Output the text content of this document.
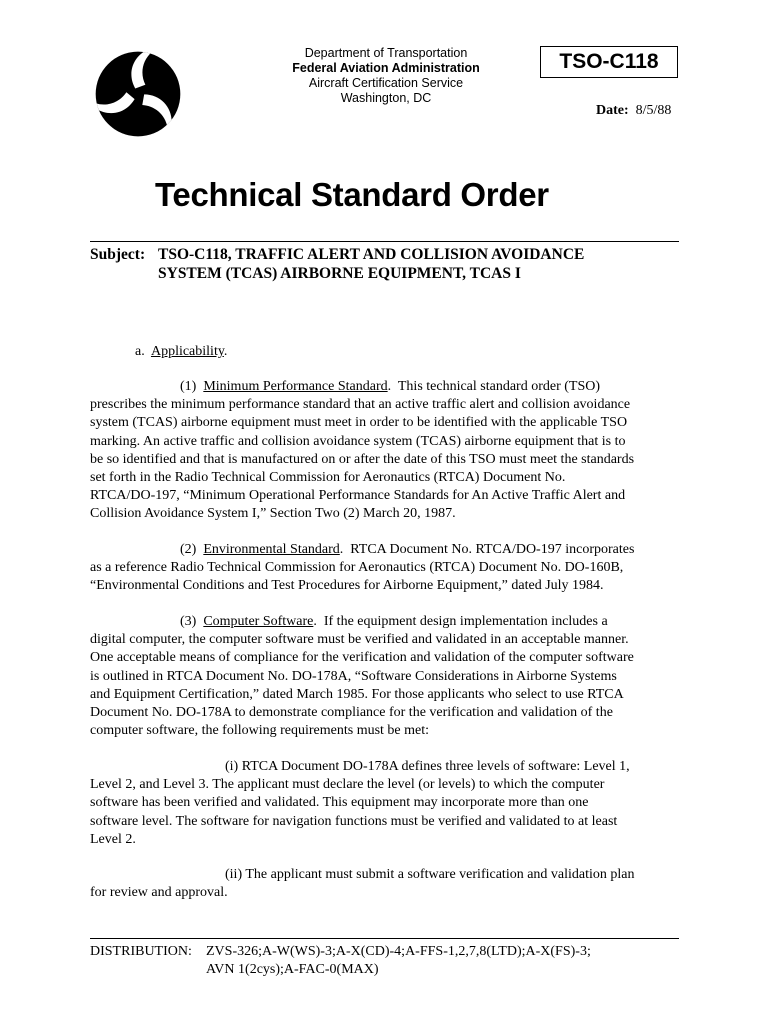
Department of Transportation
Federal Aviation Administration
Aircraft Certification Service
Washington, DC
TSO-C118
Date: 8/5/88
Technical Standard Order
Subject: TSO-C118, TRAFFIC ALERT AND COLLISION AVOIDANCE
SYSTEM (TCAS) AIRBORNE EQUIPMENT, TCAS I
a. Applicability.
(1) Minimum Performance Standard.  This technical standard order (TSO)
prescribes the minimum performance standard that an active traffic alert and collision avoidance
system (TCAS) airborne equipment must meet in order to be identified with the applicable TSO
marking. An active traffic and collision avoidance system (TCAS) airborne equipment that is to
be so identified and that is manufactured on or after the date of this TSO must meet the standards
set forth in the Radio Technical Commission for Aeronautics (RTCA) Document No.
RTCA/DO-197, “Minimum Operational Performance Standards for An Active Traffic Alert and
Collision Avoidance System I,” Section Two (2) March 20, 1987.
(2) Environmental Standard.  RTCA Document No. RTCA/DO-197 incorporates
as a reference Radio Technical Commission for Aeronautics (RTCA) Document No. DO-160B,
“Environmental Conditions and Test Procedures for Airborne Equipment,” dated July 1984.
(3) Computer Software.  If the equipment design implementation includes a
digital computer, the computer software must be verified and validated in an acceptable manner.
One acceptable means of compliance for the verification and validation of the computer software
is outlined in RTCA Document No. DO-178A, “Software Considerations in Airborne Systems
and Equipment Certification,” dated March 1985. For those applicants who select to use RTCA
Document No. DO-178A to demonstrate compliance for the verification and validation of the
computer software, the following requirements must be met:
(i) RTCA Document DO-178A defines three levels of software: Level 1,
Level 2, and Level 3. The applicant must declare the level (or levels) to which the computer
software has been verified and validated. This equipment may incorporate more than one
software level. The software for navigation functions must be verified and validated to at least
Level 2.
(ii) The applicant must submit a software verification and validation plan
for review and approval.
DISTRIBUTION: ZVS-326;A-W(WS)-3;A-X(CD)-4;A-FFS-1,2,7,8(LTD);A-X(FS)-3;
AVN 1(2cys);A-FAC-0(MAX)
